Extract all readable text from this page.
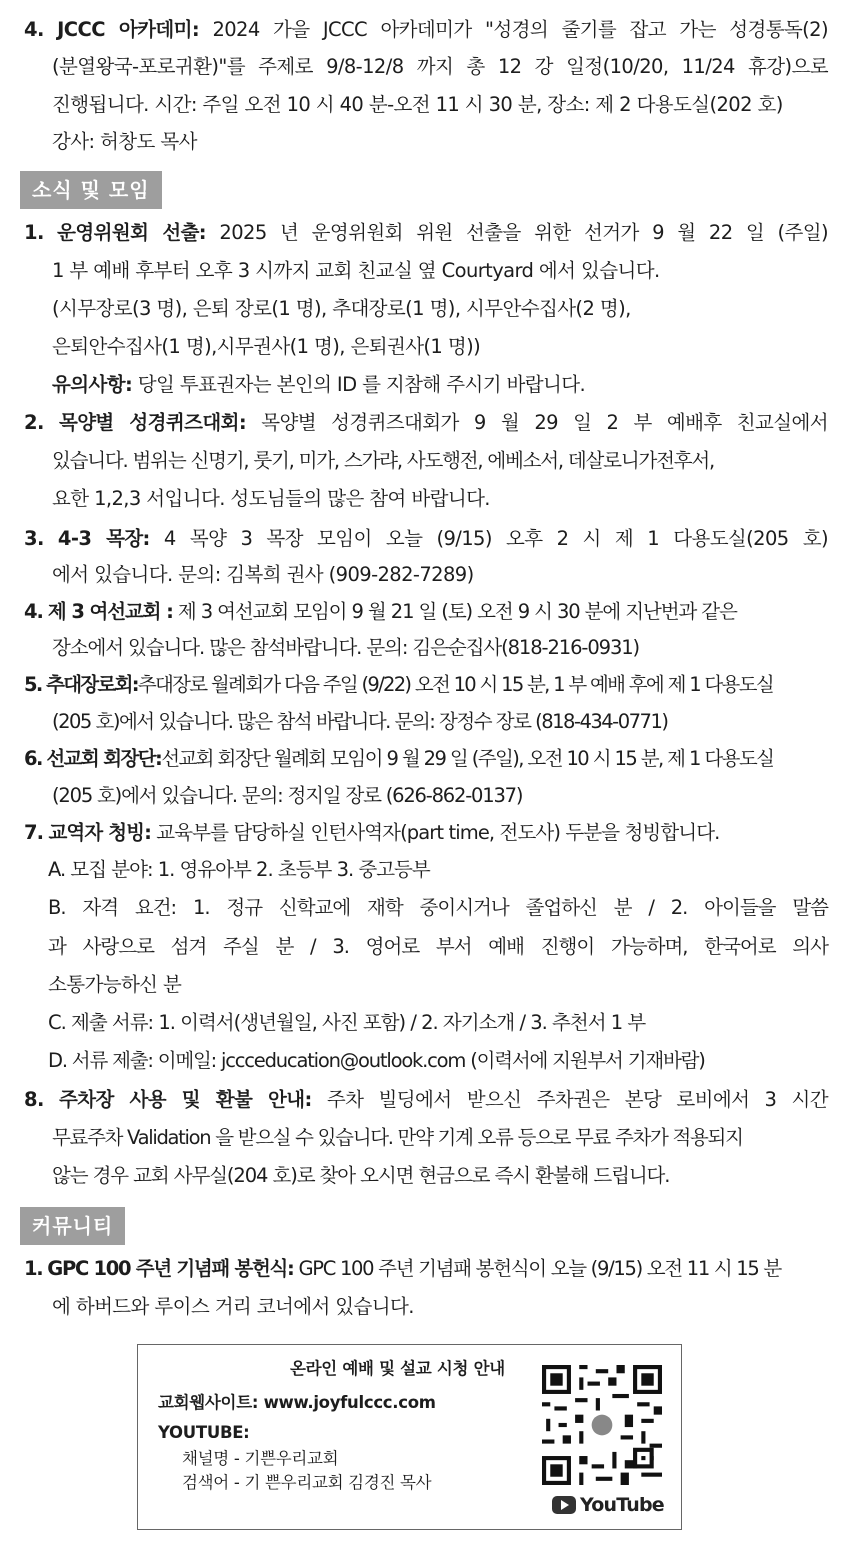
4. JCCC 아카데미: 2024 가을 JCCC 아카데미가 "성경의 줄기를 잡고 가는 성경통독(2)
(분열왕국-포로귀환)"를 주제로 9/8-12/8 까지 총 12 강 일정(10/20, 11/24 휴강)으로
진행됩니다. 시간: 주일 오전 10 시 40 분-오전 11 시 30 분, 장소: 제 2 다용도실(202 호)
강사: 허창도 목사
소식 및 모임
1. 운영위원회 선출: 2025 년 운영위원회 위원 선출을 위한 선거가 9 월 22 일 (주일)
1 부 예배 후부터 오후 3 시까지 교회 친교실 옆 Courtyard 에서 있습니다.
(시무장로(3 명), 은퇴 장로(1 명), 추대장로(1 명), 시무안수집사(2 명),
은퇴안수집사(1 명),시무권사(1 명), 은퇴권사(1 명))
유의사항: 당일 투표권자는 본인의 ID 를 지참해 주시기 바랍니다.
2. 목양별 성경퀴즈대회: 목양별 성경퀴즈대회가 9 월 29 일 2 부 예배후 친교실에서
있습니다. 범위는 신명기, 룻기, 미가, 스가랴, 사도행전, 에베소서, 데살로니가전후서,
요한 1,2,3 서입니다. 성도님들의 많은 참여 바랍니다.
3. 4-3 목장: 4 목양 3 목장 모임이 오늘 (9/15) 오후 2 시 제 1 다용도실(205 호)
에서 있습니다. 문의: 김복희 권사 (909-282-7289)
4. 제 3 여선교회 : 제 3 여선교회 모임이 9 월 21 일 (토) 오전 9 시 30 분에 지난번과 같은
장소에서 있습니다. 많은 참석바랍니다. 문의: 김은순집사(818-216-0931)
5. 추대장로회:추대장로 월례회가 다음 주일 (9/22) 오전 10 시 15 분, 1 부 예배 후에 제 1 다용도실
(205 호)에서 있습니다. 많은 참석 바랍니다. 문의: 장정수 장로 (818-434-0771)
6. 선교회 회장단:선교회 회장단 월례회 모임이 9 월 29 일 (주일), 오전 10 시 15 분, 제 1 다용도실
(205 호)에서 있습니다. 문의: 정지일 장로 (626-862-0137)
7. 교역자 청빙: 교육부를 담당하실 인턴사역자(part time, 전도사) 두분을 청빙합니다.
A. 모집 분야: 1. 영유아부 2. 초등부 3. 중고등부
B. 자격 요건: 1. 정규 신학교에 재학 중이시거나 졸업하신 분 / 2. 아이들을 말씀
과 사랑으로 섬겨 주실 분 / 3. 영어로 부서 예배 진행이 가능하며, 한국어로 의사
소통가능하신 분
C. 제출 서류: 1. 이력서(생년월일, 사진 포함) / 2. 자기소개 / 3. 추천서 1 부
D. 서류 제출: 이메일: jccceducation@outlook.com (이력서에 지원부서 기재바람)
8. 주차장 사용 및 환불 안내: 주차 빌딩에서 받으신 주차권은 본당 로비에서 3 시간
무료주차 Validation 을 받으실 수 있습니다. 만약 기계 오류 등으로 무료 주차가 적용되지
않는 경우 교회 사무실(204 호)로 찾아 오시면 현금으로 즉시 환불해 드립니다.
커뮤니티
1. GPC 100 주년 기념패 봉헌식: GPC 100 주년 기념패 봉헌식이 오늘 (9/15) 오전 11 시 15 분
에 하버드와 루이스 거리 코너에서 있습니다.
온라인 예배 및 설교 시청 안내
교회웹사이트: www.joyfulccc.com
YOUTUBE:
채널명 - 기쁜우리교회
검색어 - 기 쁜우리교회 김경진 목사
YouTube
